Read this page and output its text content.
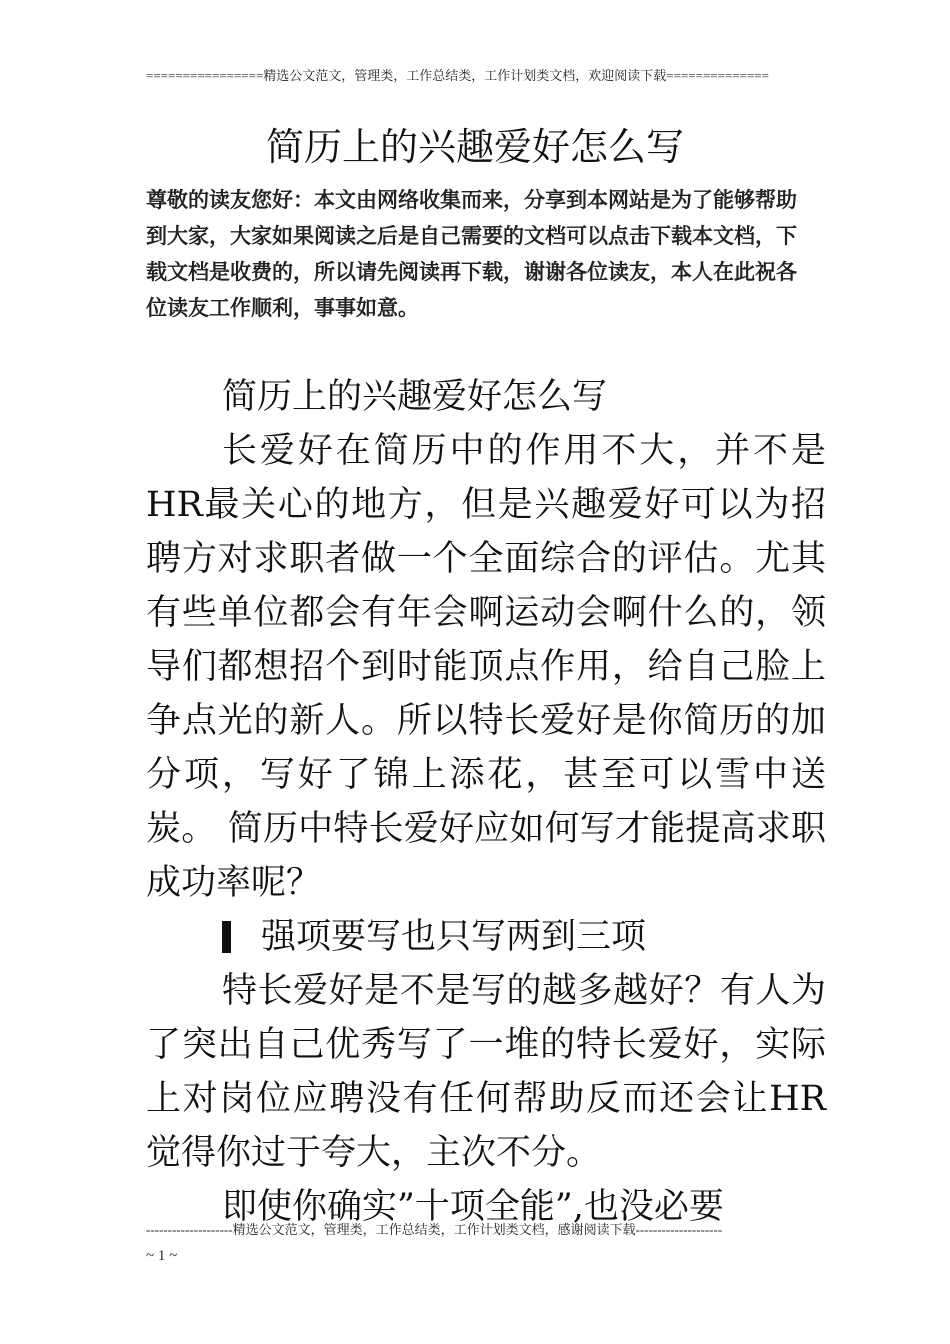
================精选公文范文，管理类，工作总结类，工作计划类文档，欢迎阅读下载==============
简历上的兴趣爱好怎么写
尊敬的读友您好：本文由网络收集而来，分享到本网站是为了能够帮助到大家，大家如果阅读之后是自己需要的文档可以点击下载本文档，下载文档是收费的，所以请先阅读再下载，谢谢各位读友，本人在此祝各位读友工作顺利，事事如意。

简历上的兴趣爱好怎么写

长爱好在简历中的作用不大，并不是HR最关心的地方，但是兴趣爱好可以为招聘方对求职者做一个全面综合的评估。尤其有些单位都会有年会啊运动会啊什么的，领导们都想招个到时能顶点作用，给自己脸上争点光的新人。所以特长爱好是你简历的加分项，写好了锦上添花，甚至可以雪中送炭。 简历中特长爱好应如何写才能提高求职成功率呢？

强项要写也只写两到三项

特长爱好是不是写的越多越好？有人为了突出自己优秀写了一堆的特长爱好，实际上对岗位应聘没有任何帮助反而还会让HR觉得你过于夸大，主次不分。

即使你确实”十项全能”,也没必要

--------------------精选公文范文，管理类，工作总结类，工作计划类文档，感谢阅读下载--------------------
~ 1 ~
